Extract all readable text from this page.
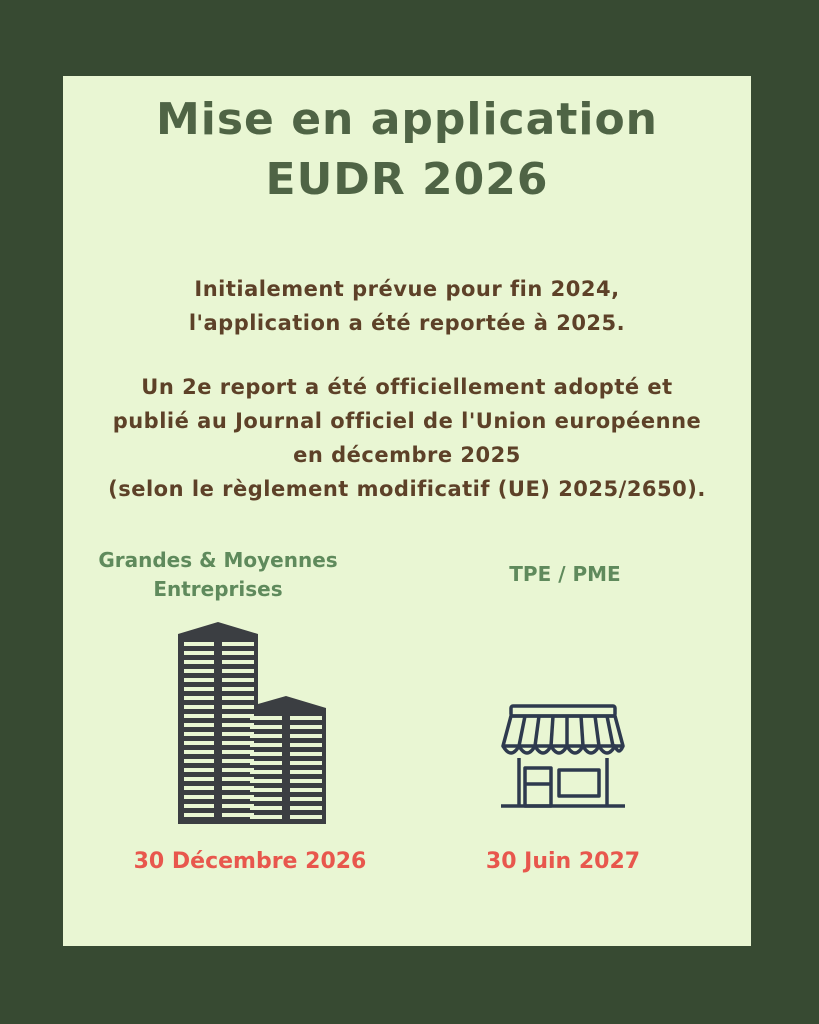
Mise en application
EUDR 2026
Initialement prévue pour fin 2024,
l'application a été reportée à 2025.
Un 2e report a été officiellement adopté et
publié au Journal officiel de l'Union européenne
en décembre 2025
(selon le règlement modificatif (UE) 2025/2650).
Grandes & Moyennes
Entreprises
TPE / PME
30 Décembre 2026	30 Juin 2027
